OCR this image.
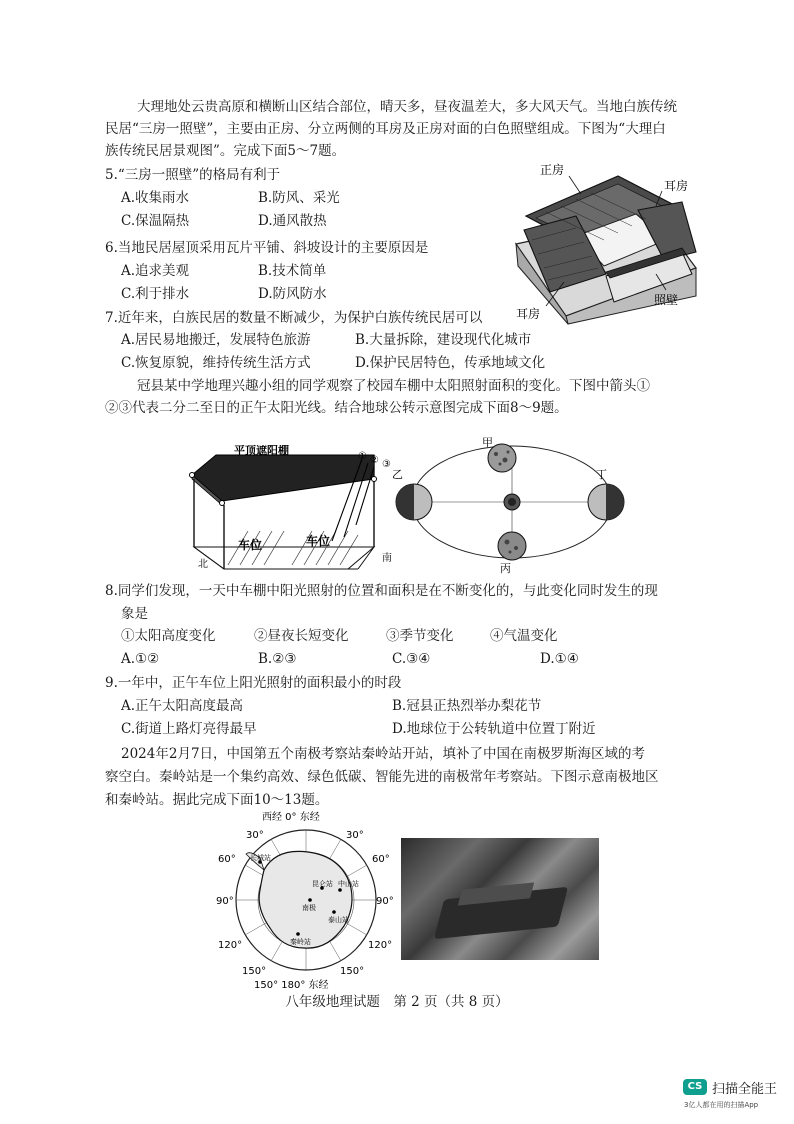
大理地处云贵高原和横断山区结合部位，晴天多，昼夜温差大，多大风天气。当地白族传统
民居“三房一照壁”，主要由正房、分立两侧的耳房及正房对面的白色照壁组成。下图为“大理白
族传统民居景观图”。完成下面5～7题。
正房
耳房
耳房
照壁
5.“三房一照壁”的格局有利于
A.收集雨水	B.防风、采光
C.保温隔热	D.通风散热
6.当地民居屋顶采用瓦片平铺、斜坡设计的主要原因是
A.追求美观	B.技术简单
C.利于排水	D.防风防水
7.近年来，白族民居的数量不断减少，为保护白族传统民居可以
A.居民易地搬迁，发展特色旅游	B.大量拆除，建设现代化城市
C.恢复原貌，维持传统生活方式	D.保护民居特色，传承地域文化
冠县某中学地理兴趣小组的同学观察了校园车棚中太阳照射面积的变化。下图中箭头①
②③代表二分二至日的正午太阳光线。结合地球公转示意图完成下面8～9题。
平顶遮阳棚	① ② ③
车位	车位
北
南
甲
乙
丙
丁
8.同学们发现，一天中车棚中阳光照射的位置和面积是在不断变化的，与此变化同时发生的现
象是
①太阳高度变化	②昼夜长短变化	③季节变化	④气温变化
A.①②	B.②③	C.③④	D.①④
9.一年中，正午车位上阳光照射的面积最小的时段
A.正午太阳高度最高	B.冠县正热烈举办梨花节
C.街道上路灯亮得最早	D.地球位于公转轨道中位置丁附近
2024年2月7日，中国第五个南极考察站秦岭站开站，填补了中国在南极罗斯海区域的考
察空白。秦岭站是一个集约高效、绿色低碳、智能先进的南极常年考察站。下图示意南极地区
和秦岭站。据此完成下面10～13题。
西经 0° 东经
30°	30°
60°	60°
90°	90°
120°	120°
150°	150°
150° 180° 东经
长城站
昆仑站 中山站
南极
泰山站
秦岭站
八年级地理试题　第 2 页（共 8 页）
CS 扫描全能王
3亿人都在用的扫描App
